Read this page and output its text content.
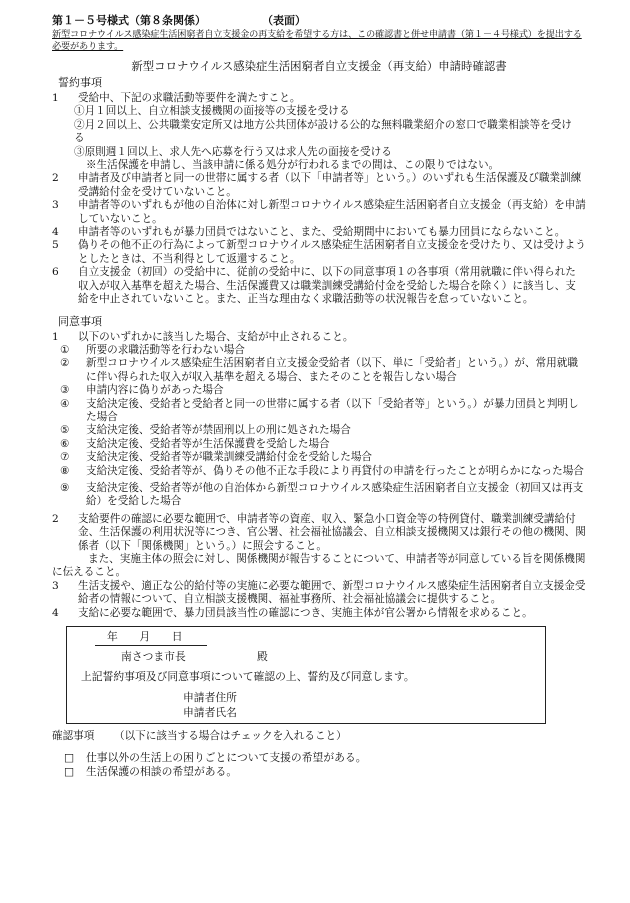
第１－５号様式（第８条関係）	（表面）

新型コロナウイルス感染症生活困窮者自立支援金の再支給を希望する方は、この確認書と併せ申請書（第１－４号様式）を提出する必要があります。

新型コロナウイルス感染症生活困窮者自立支援金（再支給）申請時確認書

誓約事項

1	受給中、下記の求職活動等要件を満たすこと。

①月１回以上、自立相談支援機関の面接等の支援を受ける

②月２回以上、公共職業安定所又は地方公共団体が設ける公的な無料職業紹介の窓口で職業相談等を受ける

③原則週１回以上、求人先へ応募を行う又は求人先の面接を受ける

※生活保護を申請し、当該申請に係る処分が行われるまでの間は、この限りではない。

2	申請者及び申請者と同一の世帯に属する者（以下「申請者等」という。）のいずれも生活保護及び職業訓練受講給付金を受けていないこと。
3	申請者等のいずれもが他の自治体に対し新型コロナウイルス感染症生活困窮者自立支援金（再支給）を申請していないこと。
4	申請者等のいずれもが暴力団員ではないこと、また、受給期間中においても暴力団員にならないこと。
5	偽りその他不正の行為によって新型コロナウイルス感染症生活困窮者自立支援金を受けたり、又は受けようとしたときは、不当利得として返還すること。
6	自立支援金（初回）の受給中に、従前の受給中に、以下の同意事項１の各事項（常用就職に伴い得られた収入が収入基準を超えた場合、生活保護費又は職業訓練受講給付金を受給した場合を除く）に該当し、支給を中止されていないこと。また、正当な理由なく求職活動等の状況報告を怠っていないこと。

同意事項

1	以下のいずれかに該当した場合、支給が中止されること。
①	所要の求職活動等を行わない場合
②	新型コロナウイルス感染症生活困窮者自立支援金受給者（以下、単に「受給者」という。）が、常用就職に伴い得られた収入が収入基準を超える場合、またそのことを報告しない場合
③	申請内容に偽りがあった場合
④	支給決定後、受給者と受給者と同一の世帯に属する者（以下「受給者等」という。）が暴力団員と判明した場合
⑤	支給決定後、受給者等が禁固刑以上の刑に処された場合
⑥	支給決定後、受給者等が生活保護費を受給した場合
⑦	支給決定後、受給者等が職業訓練受講給付金を受給した場合
⑧	支給決定後、受給者等が、偽りその他不正な手段により再貸付の申請を行ったことが明らかになった場合
⑨	支給決定後、受給者等が他の自治体から新型コロナウイルス感染症生活困窮者自立支援金（初回又は再支給）を受給した場合
2	支給要件の確認に必要な範囲で、申請者等の資産、収入、緊急小口資金等の特例貸付、職業訓練受講給付金、生活保護の利用状況等につき、官公署、社会福祉協議会、自立相談支援機関又は銀行その他の機関、関係者（以下「関係機関」という。）に照会すること。

また、実施主体の照会に対し、関係機関が報告することについて、申請者等が同意している旨を関係機関に伝えること。

3	生活支援や、適正な公的給付等の実施に必要な範囲で、新型コロナウイルス感染症生活困窮者自立支援金受給者の情報について、自立相談支援機関、福祉事務所、社会福祉協議会に提供すること。
4	支給に必要な範囲で、暴力団員該当性の確認につき、実施主体が官公署から情報を求めること。
年　　月　　日
南さつま市長	殿
上記誓約事項及び同意事項について確認の上、誓約及び同意します。
申請者住所
申請者氏名
確認事項	（以下に該当する場合はチェックを入れること）
□	仕事以外の生活上の困りごとについて支援の希望がある。
□	生活保護の相談の希望がある。
